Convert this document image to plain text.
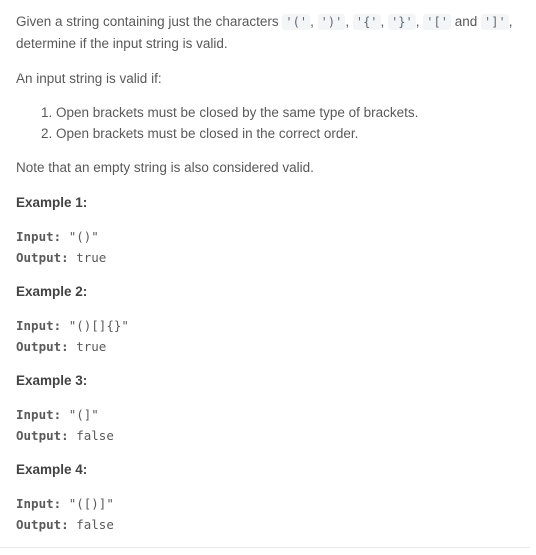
Given a string containing just the characters '(' , ')' , '{' , '}' , '[' and ']' , determine if the input string is valid.

An input string is valid if:

1. Open brackets must be closed by the same type of brackets.
2. Open brackets must be closed in the correct order.

Note that an empty string is also considered valid.

Example 1:

Input: "()"
Output: true

Example 2:

Input: "()[]{}"
Output: true

Example 3:

Input: "(]"
Output: false

Example 4:

Input: "([)]"
Output: false
